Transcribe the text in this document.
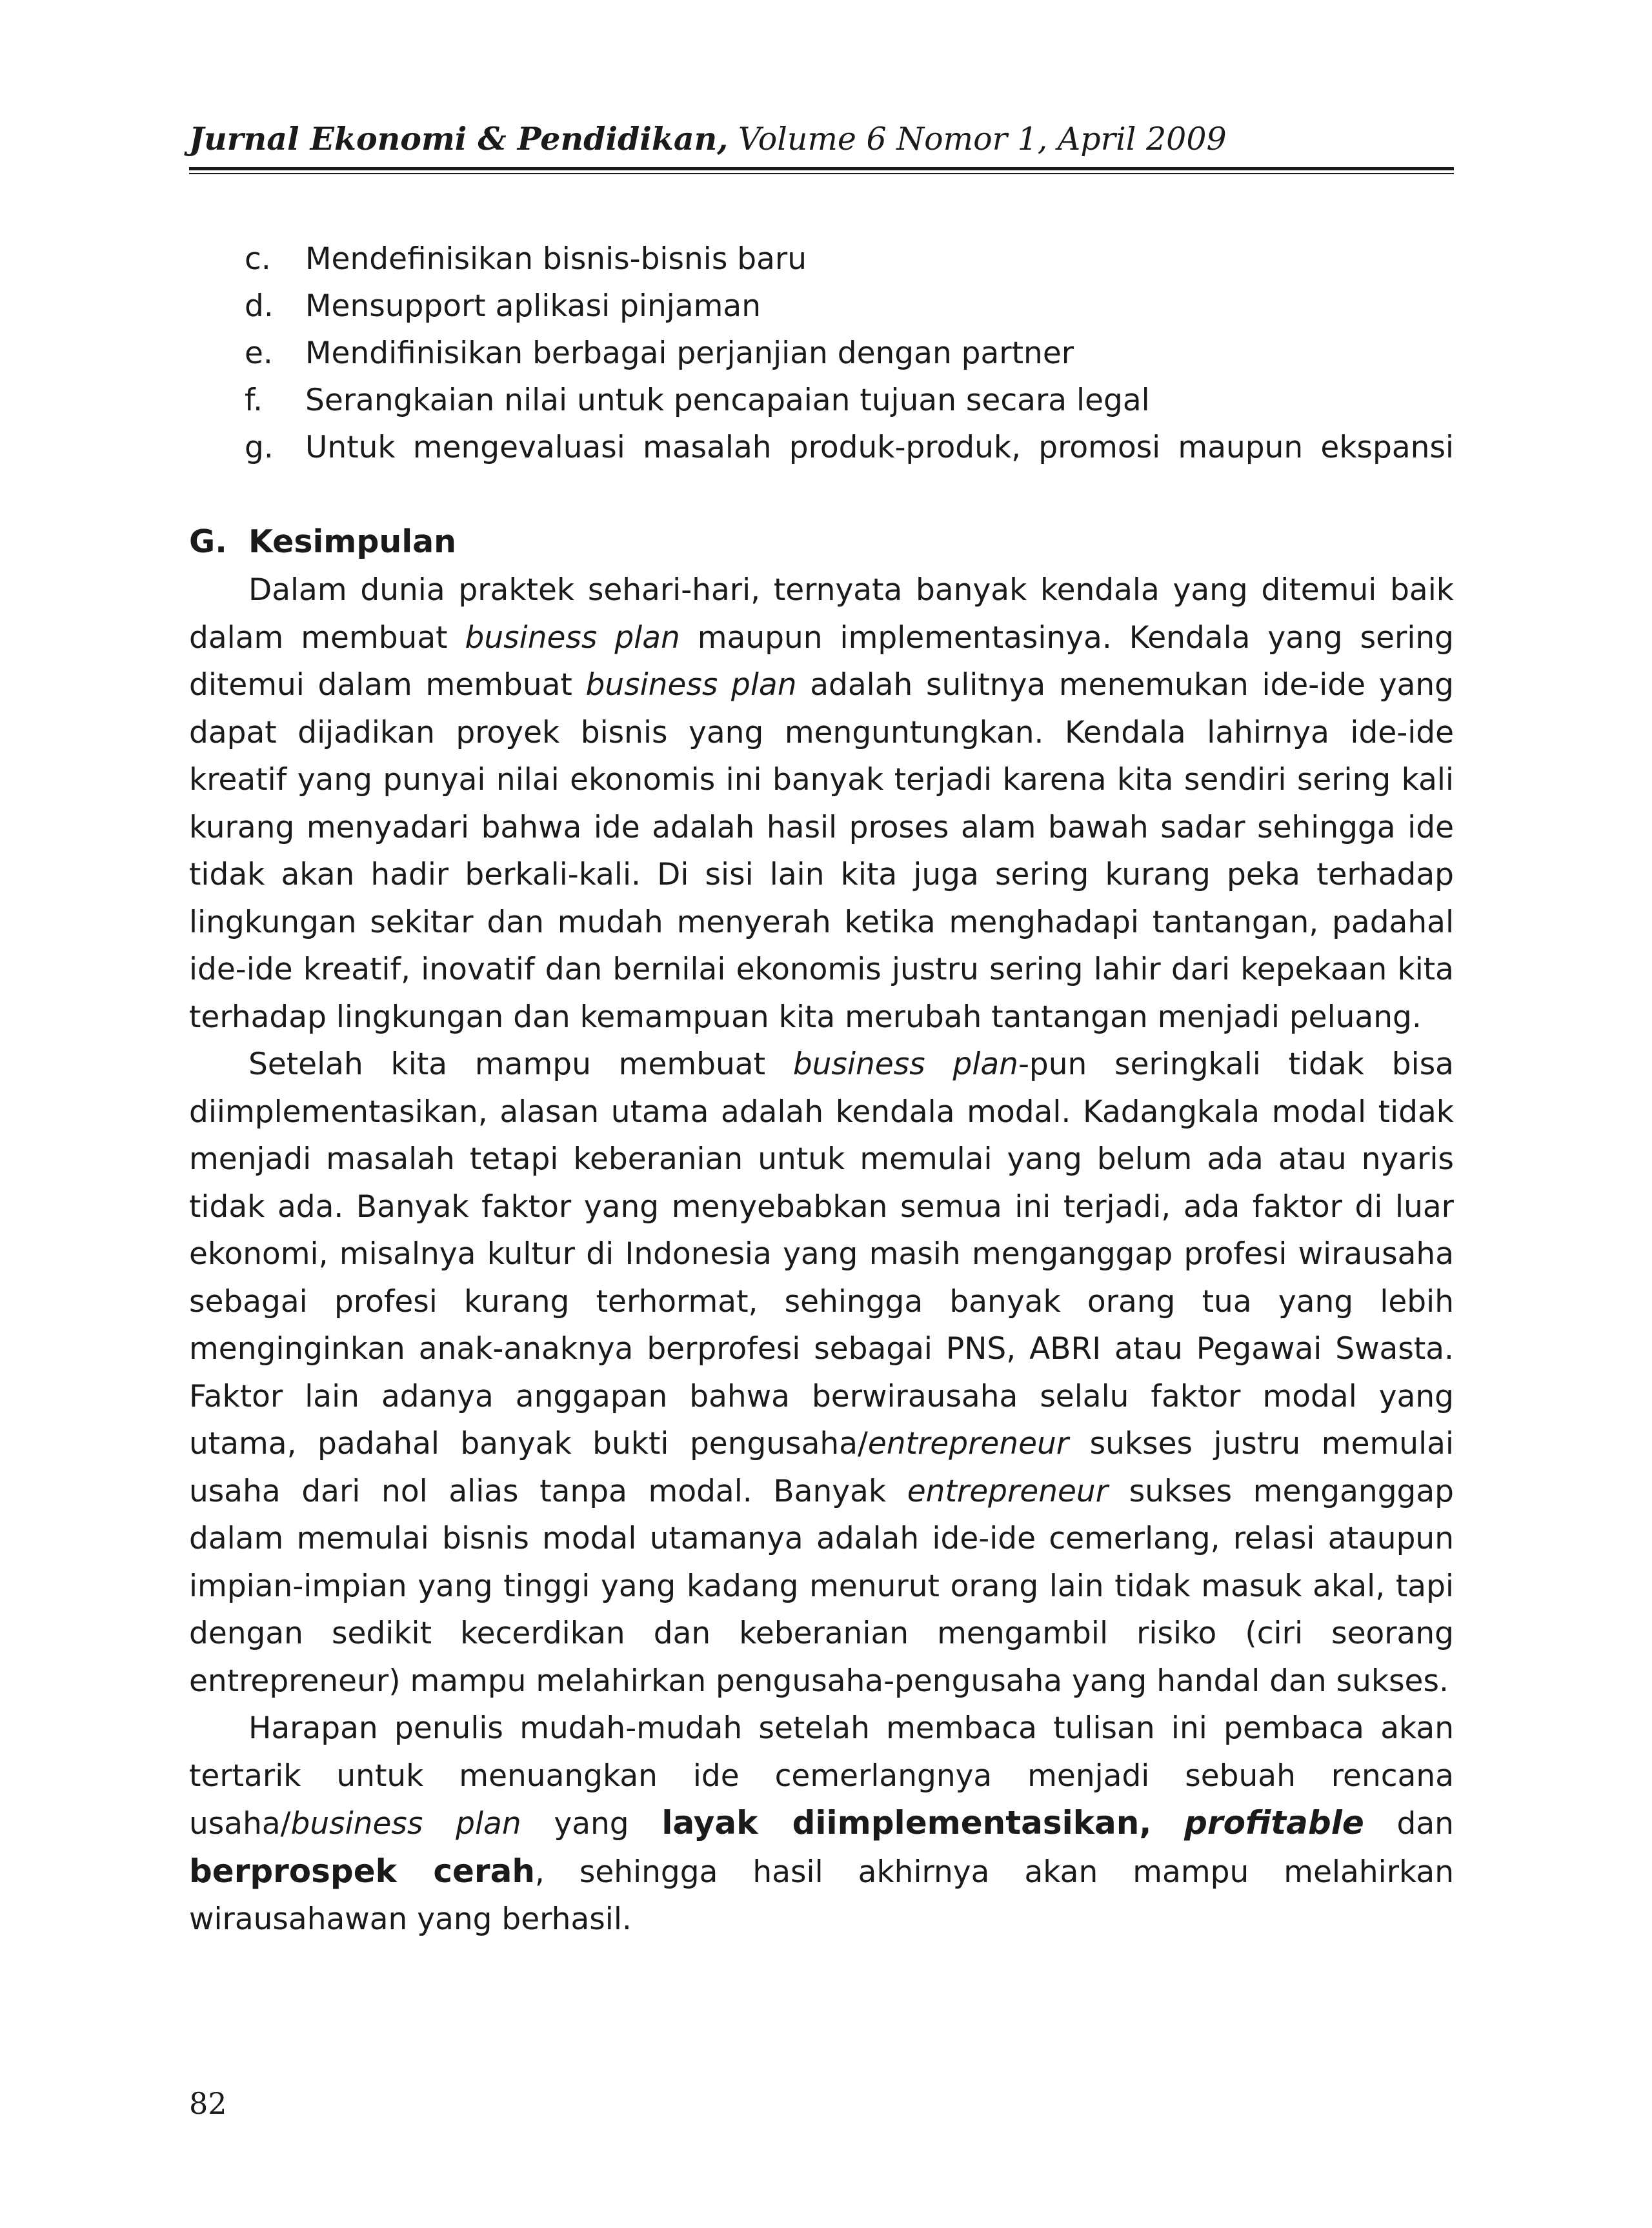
Jurnal Ekonomi & Pendidikan, Volume 6 Nomor 1, April 2009
c. Mendefinisikan bisnis-bisnis baru
d. Mensupport aplikasi pinjaman
e. Mendifinisikan berbagai perjanjian dengan partner
f. Serangkaian nilai untuk pencapaian tujuan secara legal
g. Untuk mengevaluasi masalah produk-produk, promosi maupun ekspansi
G. Kesimpulan

Dalam dunia praktek sehari-hari, ternyata banyak kendala yang ditemui baik dalam membuat business plan maupun implementasinya. Kendala yang sering ditemui dalam membuat business plan adalah sulitnya menemukan ide-ide yang dapat dijadikan proyek bisnis yang menguntungkan. Kendala lahirnya ide-ide kreatif yang punyai nilai ekonomis ini banyak terjadi karena kita sendiri sering kali kurang menyadari bahwa ide adalah hasil proses alam bawah sadar sehingga ide tidak akan hadir berkali-kali. Di sisi lain kita juga sering kurang peka terhadap lingkungan sekitar dan mudah menyerah ketika menghadapi tantangan, padahal ide-ide kreatif, inovatif dan bernilai ekonomis justru sering lahir dari kepekaan kita terhadap lingkungan dan kemampuan kita merubah tantangan menjadi peluang.

Setelah kita mampu membuat business plan-pun seringkali tidak bisa diimplementasikan, alasan utama adalah kendala modal. Kadangkala modal tidak menjadi masalah tetapi keberanian untuk memulai yang belum ada atau nyaris tidak ada. Banyak faktor yang menyebabkan semua ini terjadi, ada faktor di luar ekonomi, misalnya kultur di Indonesia yang masih menganggap profesi wirausaha sebagai profesi kurang terhormat, sehingga banyak orang tua yang lebih menginginkan anak-anaknya berprofesi sebagai PNS, ABRI atau Pegawai Swasta. Faktor lain adanya anggapan bahwa berwirausaha selalu faktor modal yang utama, padahal banyak bukti pengusaha/entrepreneur sukses justru memulai usaha dari nol alias tanpa modal. Banyak entrepreneur sukses menganggap dalam memulai bisnis modal utamanya adalah ide-ide cemerlang, relasi ataupun impian-impian yang tinggi yang kadang menurut orang lain tidak masuk akal, tapi dengan sedikit kecerdikan dan keberanian mengambil risiko (ciri seorang entrepreneur) mampu melahirkan pengusaha-pengusaha yang handal dan sukses.

Harapan penulis mudah-mudah setelah membaca tulisan ini pembaca akan tertarik untuk menuangkan ide cemerlangnya menjadi sebuah rencana usaha/business plan yang layak diimplementasikan, profitable dan berprospek cerah, sehingga hasil akhirnya akan mampu melahirkan wirausahawan yang berhasil.

82
